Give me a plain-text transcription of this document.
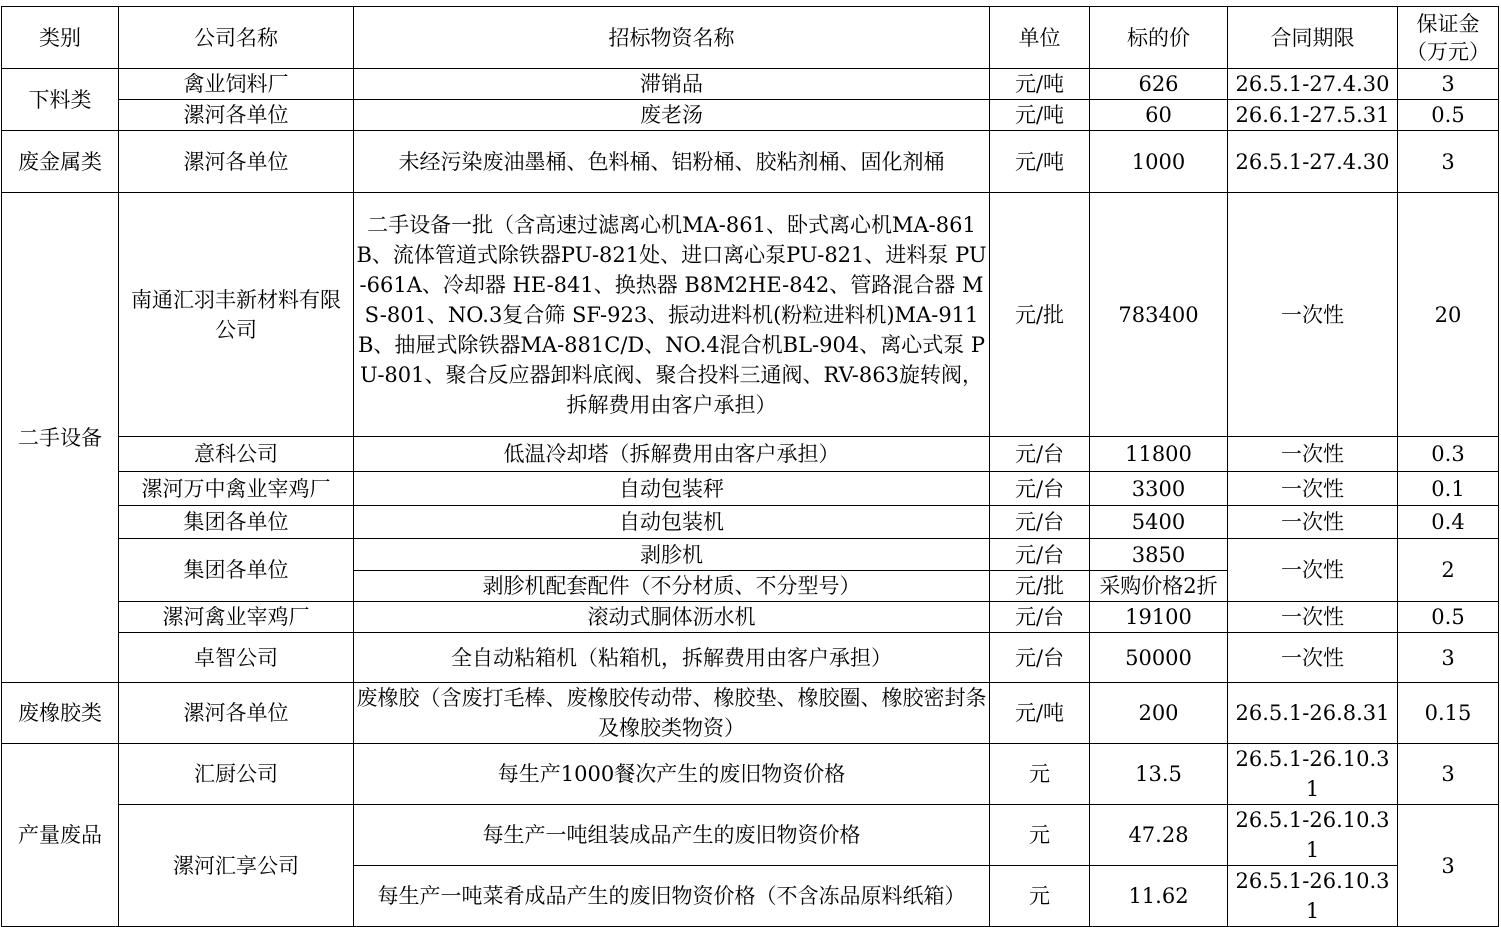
类别	公司名称	招标物资名称	单位	标的价	合同期限	保证金（万元）
下料类	禽业饲料厂	滞销品	元/吨	626	26.5.1-27.4.30	3
	漯河各单位	废老汤	元/吨	60	26.6.1-27.5.31	0.5
废金属类	漯河各单位	未经污染废油墨桶、色料桶、铝粉桶、胶粘剂桶、固化剂桶	元/吨	1000	26.5.1-27.4.30	3
二手设备	南通汇羽丰新材料有限公司	二手设备一批（含高速过滤离心机MA-861、卧式离心机MA-861B、流体管道式除铁器PU-821处、进口离心泵PU-821、进料泵 PU-661A、冷却器 HE-841、换热器 B8M2HE-842、管路混合器 MS-801、NO.3复合筛 SF-923、振动进料机(粉粒进料机)MA-911B、抽屉式除铁器MA-881C/D、NO.4混合机BL-904、离心式泵 PU-801、聚合反应器卸料底阀、聚合投料三通阀、RV-863旋转阀，拆解费用由客户承担）	元/批	783400	一次性	20
	意科公司	低温冷却塔（拆解费用由客户承担）	元/台	11800	一次性	0.3
	漯河万中禽业宰鸡厂	自动包装秤	元/台	3300	一次性	0.1
	集团各单位	自动包装机	元/台	5400	一次性	0.4
	集团各单位	剥胗机	元/台	3850	一次性	2
		剥胗机配套配件（不分材质、不分型号）	元/批	采购价格2折		
	漯河禽业宰鸡厂	滚动式胴体沥水机	元/台	19100	一次性	0.5
	卓智公司	全自动粘箱机（粘箱机，拆解费用由客户承担）	元/台	50000	一次性	3
废橡胶类	漯河各单位	废橡胶（含废打毛棒、废橡胶传动带、橡胶垫、橡胶圈、橡胶密封条及橡胶类物资）	元/吨	200	26.5.1-26.8.31	0.15
产量废品	汇厨公司	每生产1000餐次产生的废旧物资价格	元	13.5	26.5.1-26.10.31	3
	漯河汇享公司	每生产一吨组装成品产生的废旧物资价格	元	47.28	26.5.1-26.10.31	3
		每生产一吨菜肴成品产生的废旧物资价格（不含冻品原料纸箱）	元	11.62	26.5.1-26.10.31	
